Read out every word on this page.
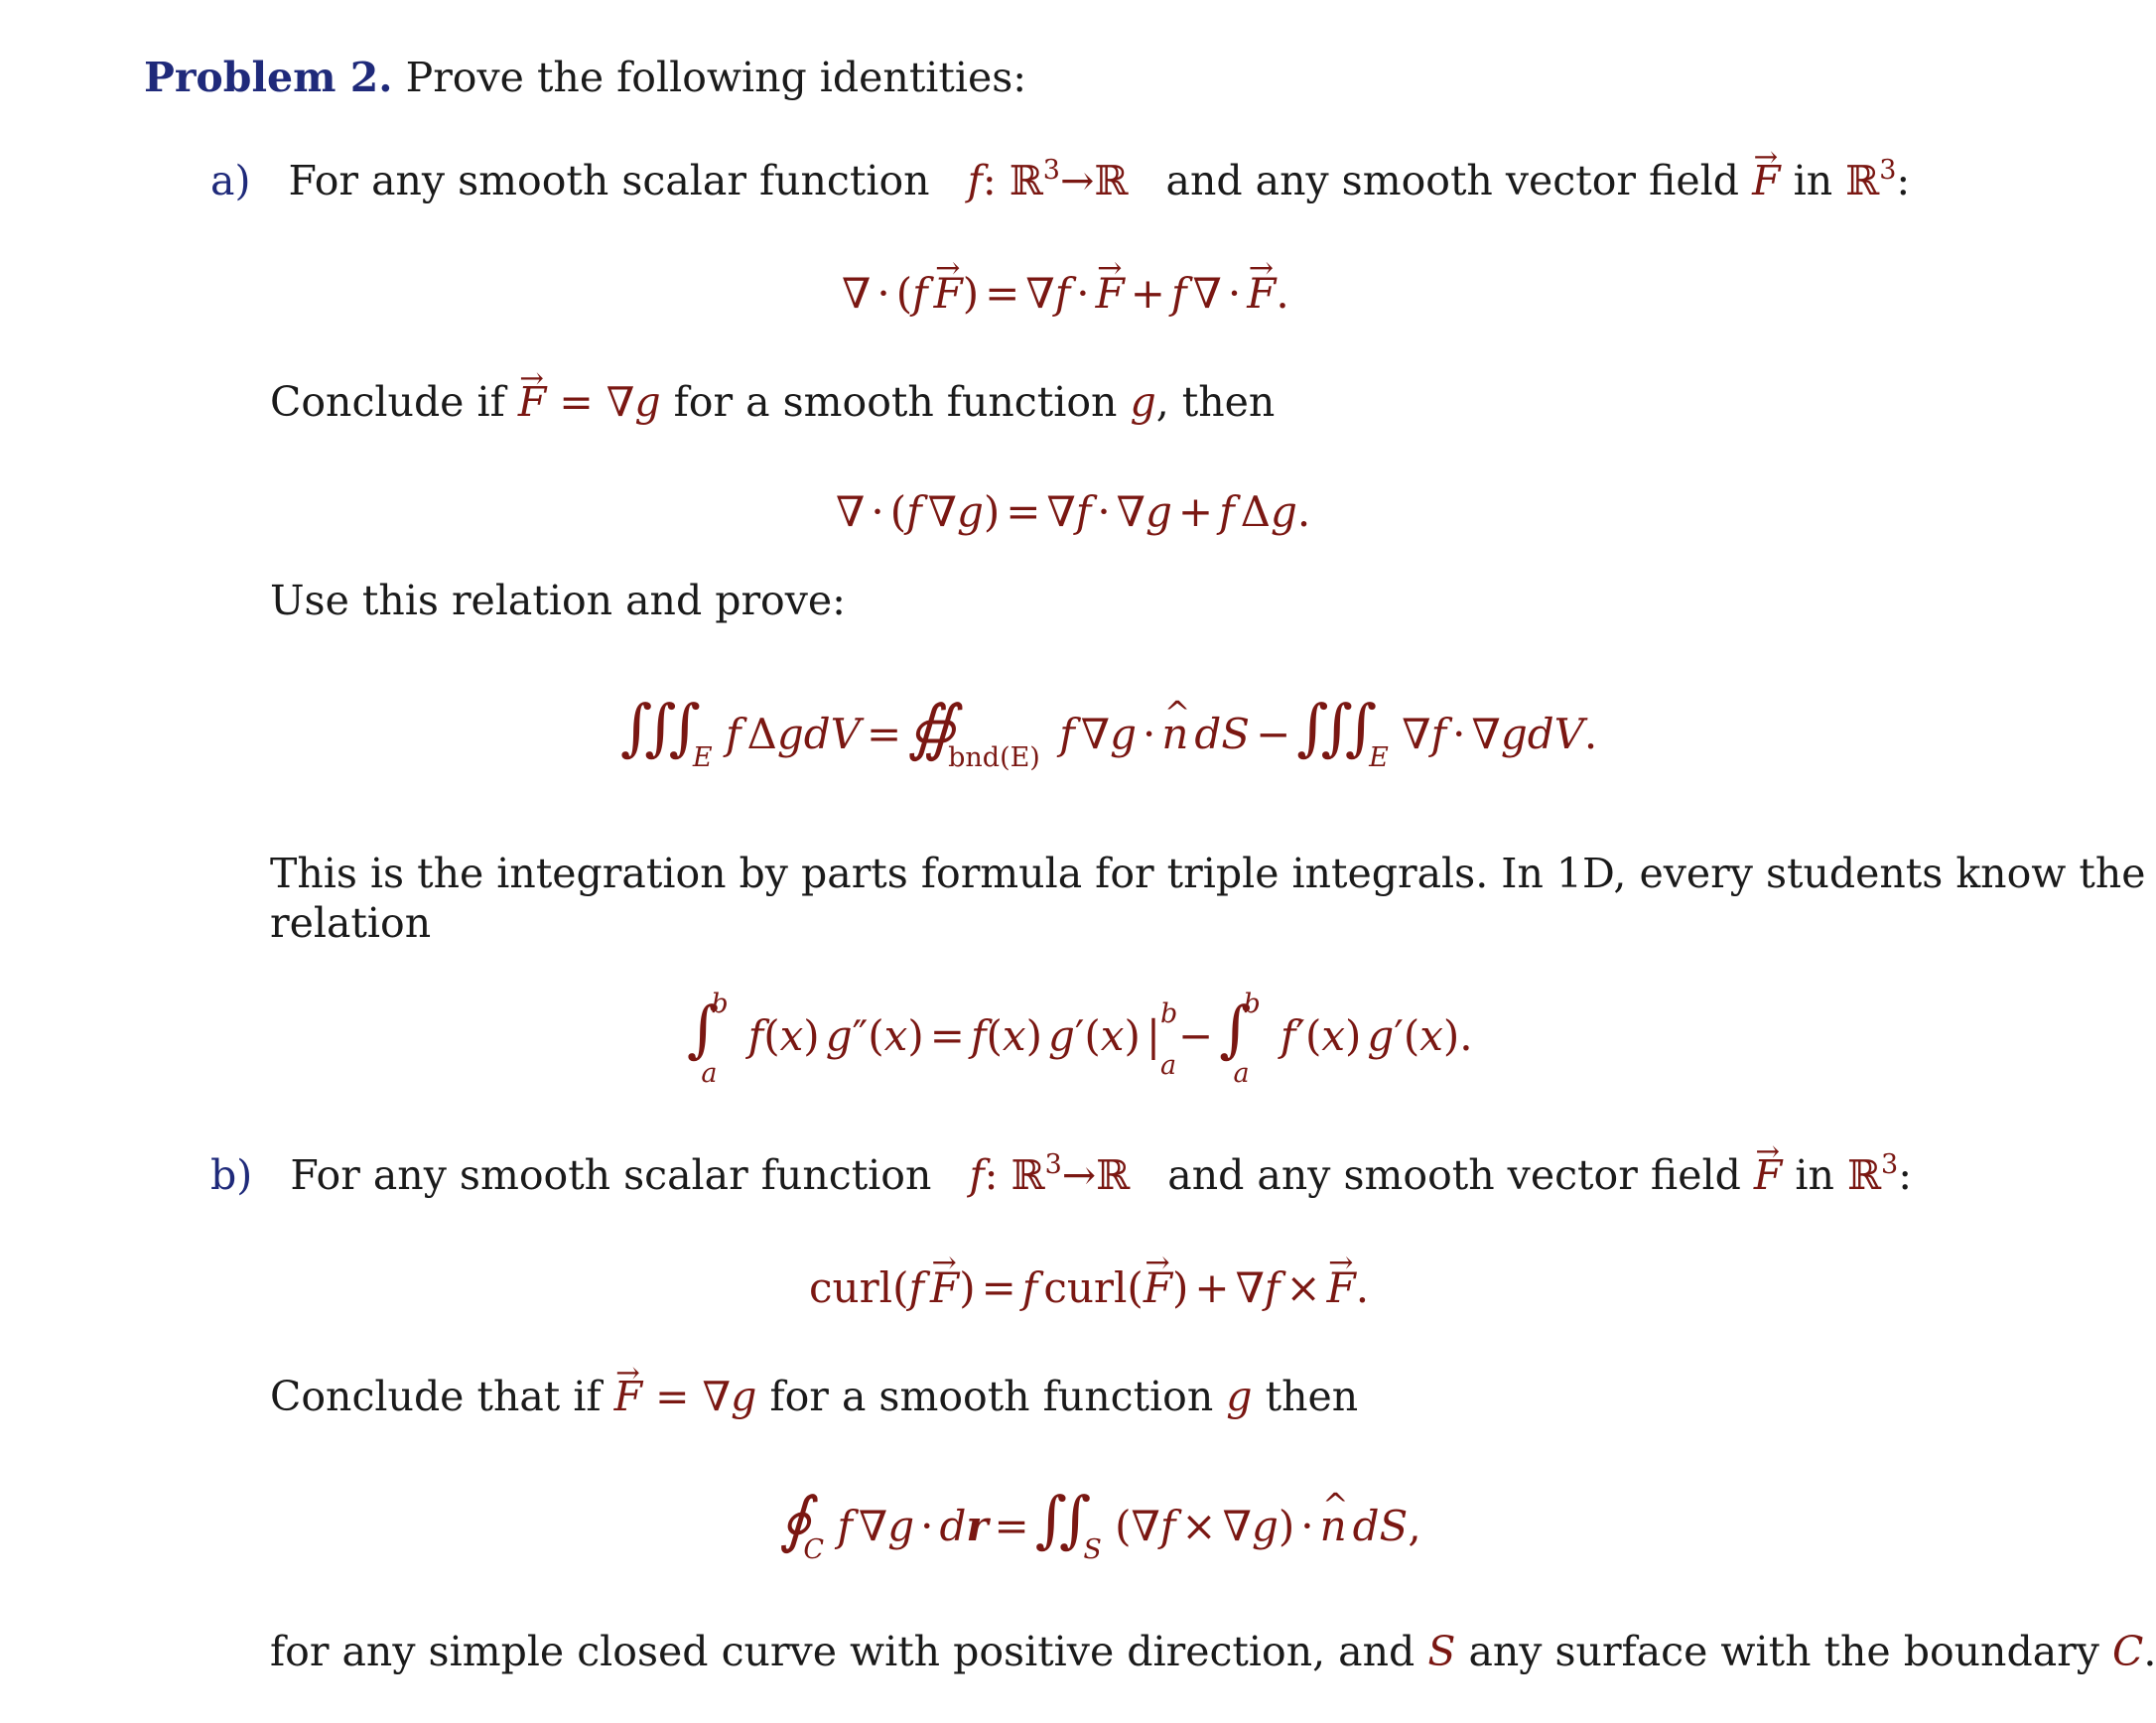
Problem 2. Prove the following identities:
a) For any smooth scalar function f: ℝ$^3$→ℝ and any smooth vector field F → in ℝ$^3$:
∇ · (f F →) = ∇f · F → + f ∇ · F →.
Conclude if F → = ∇g for a smooth function g, then
∇ · (f ∇g) = ∇f · ∇g + f Δg.
Use this relation and prove:
$\int\int\int_E$ f $\Delta gdV =∯_{bnd(E)}$ f ∇g · n ^ dS $-\int\int\int_E$ ∇f · ∇gdV.
This is the integration by parts formula for triple integrals. In 1D, every students know the
relation
∫ b
a
f(x) g″(x) = f(x) g′(x) | b
a
−∫ b
a
f′(x) g′(x).
b) For any smooth scalar function f: ℝ$^3$→ℝ and any smooth vector field F → in ℝ$^3$:
curl(f F →) = f curl(F →) + ∇f × F →.
Conclude that if F → = ∇g for a smooth function g then
$∮_C$ f ∇g · dr $=\int\int_S$ (∇f × ∇g) · n ^ dS,
for any simple closed curve with positive direction, and S any surface with the boundary C.
